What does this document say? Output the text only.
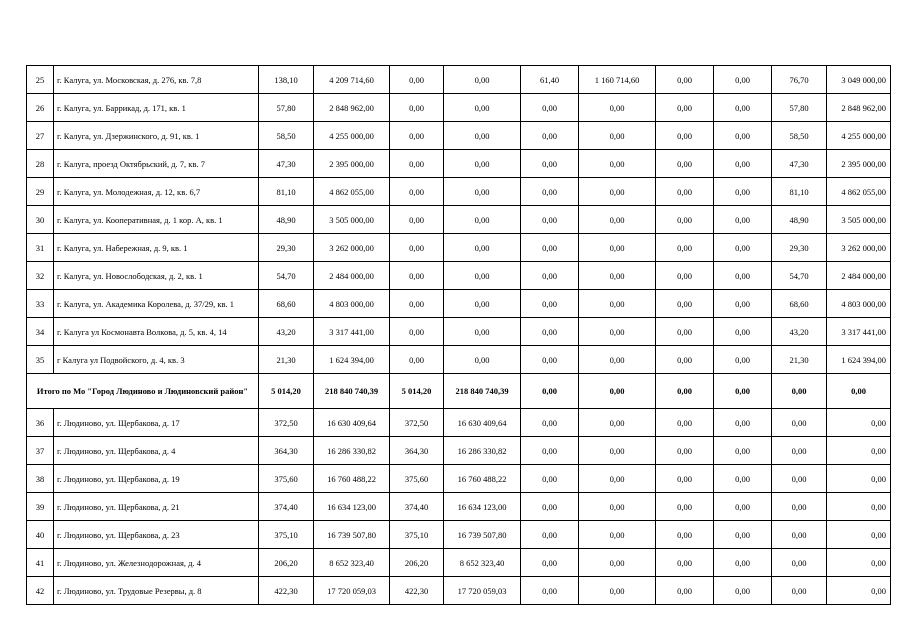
25	г. Калуга, ул. Московская, д. 276, кв. 7,8	138,10	4 209 714,60	0,00	0,00	61,40	1 160 714,60	0,00	0,00	76,70	3 049 000,00
26	г. Калуга, ул. Баррикад, д. 171, кв. 1	57,80	2 848 962,00	0,00	0,00	0,00	0,00	0,00	0,00	57,80	2 848 962,00
27	г. Калуга, ул. Дзержинского, д. 91, кв. 1	58,50	4 255 000,00	0,00	0,00	0,00	0,00	0,00	0,00	58,50	4 255 000,00
28	г. Калуга, проезд Октябрьский, д. 7, кв. 7	47,30	2 395 000,00	0,00	0,00	0,00	0,00	0,00	0,00	47,30	2 395 000,00
29	г. Калуга, ул. Молодежная, д. 12, кв. 6,7	81,10	4 862 055,00	0,00	0,00	0,00	0,00	0,00	0,00	81,10	4 862 055,00
30	г. Калуга, ул. Кооперативная, д. 1 кор. А, кв. 1	48,90	3 505 000,00	0,00	0,00	0,00	0,00	0,00	0,00	48,90	3 505 000,00
31	г. Калуга, ул. Набережная, д. 9, кв. 1	29,30	3 262 000,00	0,00	0,00	0,00	0,00	0,00	0,00	29,30	3 262 000,00
32	г. Калуга, ул. Новослободская, д. 2, кв. 1	54,70	2 484 000,00	0,00	0,00	0,00	0,00	0,00	0,00	54,70	2 484 000,00
33	г. Калуга, ул. Академика Королева, д. 37/29, кв. 1	68,60	4 803 000,00	0,00	0,00	0,00	0,00	0,00	0,00	68,60	4 803 000,00
34	г. Калуга ул Космонавта Волкова, д. 5, кв. 4, 14	43,20	3 317 441,00	0,00	0,00	0,00	0,00	0,00	0,00	43,20	3 317 441,00
35	г Калуга ул Подвойского, д. 4, кв. 3	21,30	1 624 394,00	0,00	0,00	0,00	0,00	0,00	0,00	21,30	1 624 394,00
Итого по Мо "Город Людиново и Людиновский район"		5 014,20	218 840 740,39	5 014,20	218 840 740,39	0,00	0,00	0,00	0,00	0,00	0,00
36	г. Людиново, ул. Щербакова, д. 17	372,50	16 630 409,64	372,50	16 630 409,64	0,00	0,00	0,00	0,00	0,00	0,00
37	г. Людиново, ул. Щербакова, д. 4	364,30	16 286 330,82	364,30	16 286 330,82	0,00	0,00	0,00	0,00	0,00	0,00
38	г. Людиново, ул. Щербакова, д. 19	375,60	16 760 488,22	375,60	16 760 488,22	0,00	0,00	0,00	0,00	0,00	0,00
39	г. Людиново, ул. Щербакова, д. 21	374,40	16 634 123,00	374,40	16 634 123,00	0,00	0,00	0,00	0,00	0,00	0,00
40	г. Людиново, ул. Щербакова, д. 23	375,10	16 739 507,80	375,10	16 739 507,80	0,00	0,00	0,00	0,00	0,00	0,00
41	г. Людиново, ул. Железнодорожная, д. 4	206,20	8 652 323,40	206,20	8 652 323,40	0,00	0,00	0,00	0,00	0,00	0,00
42	г. Людиново, ул. Трудовые Резервы, д. 8	422,30	17 720 059,03	422,30	17 720 059,03	0,00	0,00	0,00	0,00	0,00	0,00
